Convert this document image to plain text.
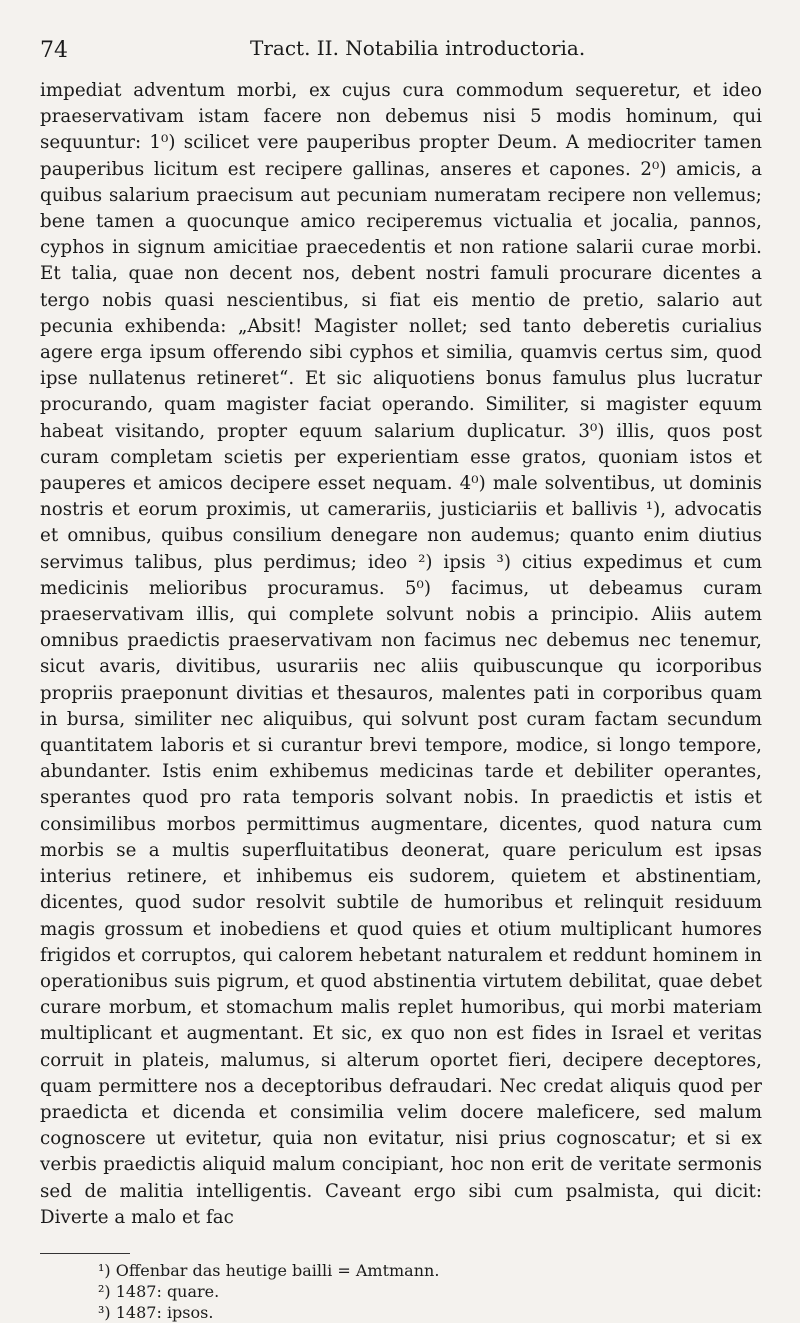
74	Tract. II. Notabilia introductoria.

impediat adventum morbi, ex cujus cura commodum sequeretur, et ideo praeservativam istam facere non debemus nisi 5 modis hominum, qui sequuntur: 1⁰) scilicet vere pauperibus propter Deum. A mediocriter tamen pauperibus licitum est recipere gallinas, anseres et capones. 2⁰) amicis, a quibus salarium praecisum aut pecuniam numeratam recipere non vellemus; bene tamen a quocunque amico reciperemus victualia et jocalia, pannos, cyphos in signum amicitiae praecedentis et non ratione salarii curae morbi. Et talia, quae non decent nos, debent nostri famuli procurare dicentes a tergo nobis quasi nescientibus, si fiat eis mentio de pretio, salario aut pecunia exhibenda: „Absit! Magister nollet; sed tanto deberetis curialius agere erga ipsum offerendo sibi cyphos et similia, quamvis certus sim, quod ipse nullatenus retineret“. Et sic aliquotiens bonus famulus plus lucratur procurando, quam magister faciat operando. Similiter, si magister equum habeat visitando, propter equum salarium duplicatur. 3⁰) illis, quos post curam completam scietis per experientiam esse gratos, quoniam istos et pauperes et amicos decipere esset nequam. 4⁰) male solventibus, ut dominis nostris et eorum proximis, ut camerariis, justiciariis et ballivis ¹), advocatis et omnibus, quibus consilium denegare non audemus; quanto enim diutius servimus talibus, plus perdimus; ideo ²) ipsis ³) citius expedimus et cum medicinis melioribus procuramus. 5⁰) facimus, ut debeamus curam praeservativam illis, qui complete solvunt nobis a principio. Aliis autem omnibus praedictis praeservativam non facimus nec debemus nec tenemur, sicut avaris, divitibus, usurariis nec aliis quibuscunque qu icorporibus propriis praeponunt divitias et thesauros, malentes pati in corporibus quam in bursa, similiter nec aliquibus, qui solvunt post curam factam secundum quantitatem laboris et si curantur brevi tempore, modice, si longo tempore, abundanter. Istis enim exhibemus medicinas tarde et debiliter operantes, sperantes quod pro rata temporis solvant nobis. In praedictis et istis et consimilibus morbos permittimus augmentare, dicentes, quod natura cum morbis se a multis superfluitatibus deonerat, quare periculum est ipsas interius retinere, et inhibemus eis sudorem, quietem et abstinentiam, dicentes, quod sudor resolvit subtile de humoribus et relinquit residuum magis grossum et inobediens et quod quies et otium multiplicant humores frigidos et corruptos, qui calorem hebetant naturalem et reddunt hominem in operationibus suis pigrum, et quod abstinentia virtutem debilitat, quae debet curare morbum, et stomachum malis replet humoribus, qui morbi materiam multiplicant et augmentant. Et sic, ex quo non est fides in Israel et veritas corruit in plateis, malumus, si alterum oportet fieri, decipere deceptores, quam permittere nos a deceptoribus defraudari. Nec credat aliquis quod per praedicta et dicenda et consimilia velim docere maleficere, sed malum cognoscere ut evitetur, quia non evitatur, nisi prius cognoscatur; et si ex verbis praedictis aliquid malum concipiant, hoc non erit de veritate sermonis sed de malitia intelligentis. Caveant ergo sibi cum psalmista, qui dicit: Diverte a malo et fac

¹) Offenbar das heutige bailli = Amtmann.
²) 1487: quare.
³) 1487: ipsos.
